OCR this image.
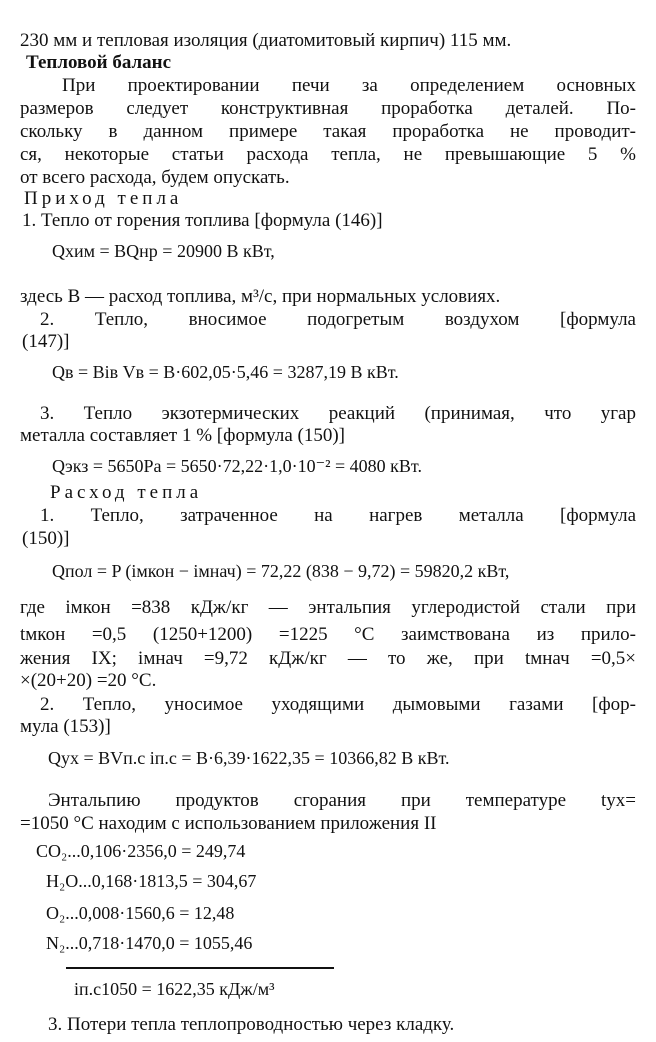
230 мм и тепловая изоляция (диатомитовый кирпич) 115 мм.
Тепловой баланс
При проектировании печи за определением основных
размеров следует конструктивная проработка деталей. По-
скольку в данном примере такая проработка не проводит-
ся, некоторые статьи расхода тепла, не превышающие 5 %
от всего расхода, будем опускать.
Приход тепла
1. Тепло от горения топлива [формула (146)]
Qхим = BQнр = 20900 B кВт,
здесь B — расход топлива, м³/с, при нормальных условиях.
2. Тепло, вносимое подогретым воздухом [формула
(147)]
Qв = Biв Vв = B·602,05·5,46 = 3287,19 B кВт.
3. Тепло экзотермических реакций (принимая, что угар
металла составляет 1 % [формула (150)]
Qэкз = 5650Pa = 5650·72,22·1,0·10⁻² = 4080 кВт.
Расход тепла
1. Тепло, затраченное на нагрев металла [формула
(150)]
Qпол = P (iмкон − iмнач) = 72,22 (838 − 9,72) = 59820,2 кВт,
где iмкон =838 кДж/кг — энтальпия углеродистой стали при
tмкон =0,5 (1250+1200) =1225 °C заимствована из прило-
жения IX; iмнач =9,72 кДж/кг — то же, при tмнач =0,5×
×(20+20) =20 °C.
2. Тепло, уносимое уходящими дымовыми газами [фор-
мула (153)]
Qух = BVп.с iп.с = B·6,39·1622,35 = 10366,82 B кВт.
Энтальпию продуктов сгорания при температуре tух=
=1050 °C находим с использованием приложения II
CO₂...0,106·2356,0 = 249,74
H₂O...0,168·1813,5 = 304,67
O₂...0,008·1560,6 = 12,48
N₂...0,718·1470,0 = 1055,46
iп.с1050 = 1622,35 кДж/м³
3. Потери тепла теплопроводностью через кладку.
